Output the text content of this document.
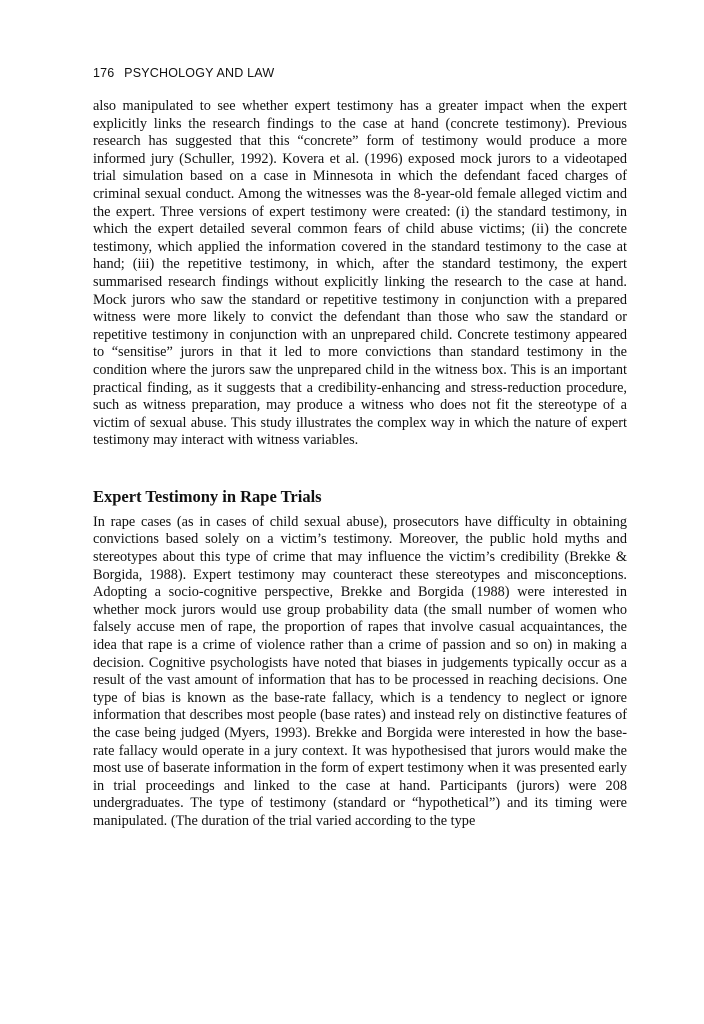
176 PSYCHOLOGY AND LAW

also manipulated to see whether expert testimony has a greater impact when the expert explicitly links the research findings to the case at hand (concrete testimony). Previous research has suggested that this “concrete” form of testimony would produce a more informed jury (Schuller, 1992). Kovera et al. (1996) exposed mock jurors to a videotaped trial simulation based on a case in Minnesota in which the defendant faced charges of criminal sexual conduct. Among the witnesses was the 8-year-old female alleged victim and the expert. Three versions of expert testimony were created: (i) the standard testimony, in which the expert detailed several common fears of child abuse victims; (ii) the concrete testimony, which applied the information covered in the standard testimony to the case at hand; (iii) the repetitive testimony, in which, after the standard testimony, the expert summarised research findings without explicitly linking the research to the case at hand. Mock jurors who saw the standard or repetitive testimony in conjunction with a prepared witness were more likely to convict the defendant than those who saw the standard or repetitive testimony in conjunction with an unprepared child. Concrete testimony appeared to “sensitise” jurors in that it led to more convictions than standard testimony in the condition where the jurors saw the unprepared child in the witness box. This is an important practical finding, as it suggests that a credibility-enhancing and stress-reduction procedure, such as witness preparation, may produce a witness who does not fit the stereotype of a victim of sexual abuse. This study illustrates the complex way in which the nature of expert testimony may interact with witness variables.

Expert Testimony in Rape Trials

In rape cases (as in cases of child sexual abuse), prosecutors have difficulty in obtaining convictions based solely on a victim’s testimony. Moreover, the public hold myths and stereotypes about this type of crime that may influence the victim’s credibility (Brekke & Borgida, 1988). Expert testimony may counteract these stereotypes and misconceptions. Adopting a socio-cognitive perspective, Brekke and Borgida (1988) were interested in whether mock jurors would use group probability data (the small number of women who falsely accuse men of rape, the proportion of rapes that involve casual acquaintances, the idea that rape is a crime of violence rather than a crime of passion and so on) in making a decision. Cognitive psychologists have noted that biases in judgements typically occur as a result of the vast amount of information that has to be processed in reaching decisions. One type of bias is known as the base-rate fallacy, which is a tendency to neglect or ignore information that describes most people (base rates) and instead rely on distinctive features of the case being judged (Myers, 1993). Brekke and Borgida were interested in how the base-rate fallacy would operate in a jury context. It was hypothesised that jurors would make the most use of baserate information in the form of expert testimony when it was presented early in trial proceedings and linked to the case at hand. Participants (jurors) were 208 undergraduates. The type of testimony (standard or “hypothetical”) and its timing were manipulated. (The duration of the trial varied according to the type
